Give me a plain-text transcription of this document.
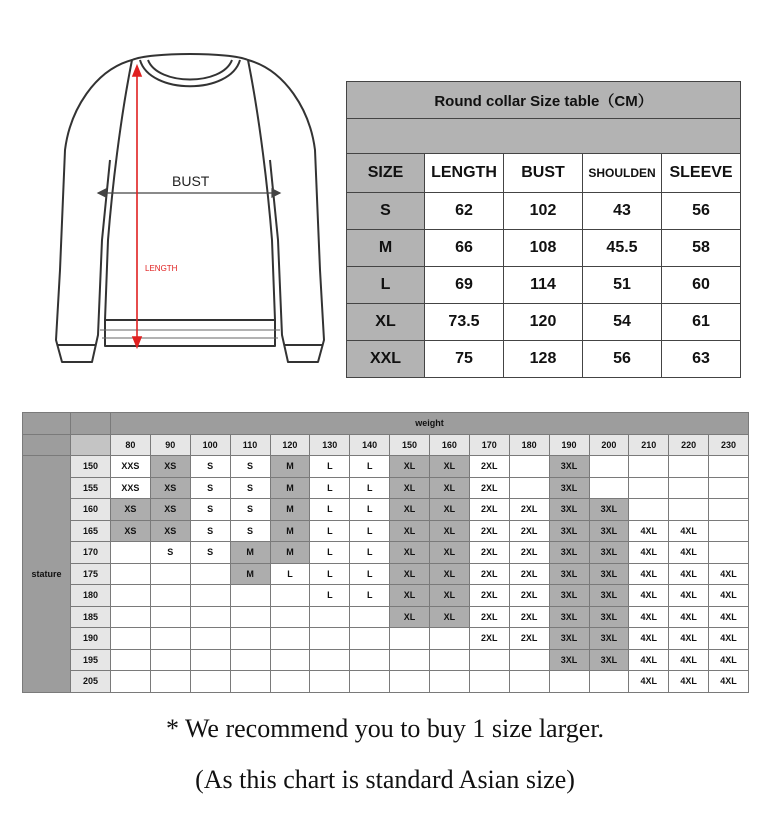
BUST
LENGTH
Round collar Size table（CM）				

SIZE	LENGTH	BUST	SHOULDEN	SLEEVE
S	62	102	43	56
M	66	108	45.5	58
L	69	114	51	60
XL	73.5	120	54	61
XXL	75	128	56	63
		weight															
		80	90	100	110	120	130	140	150	160	170	180	190	200	210	220	230
stature	150	XXS	XS	S	S	M	L	L	XL	XL	2XL		3XL				
	155	XXS	XS	S	S	M	L	L	XL	XL	2XL		3XL				
	160	XS	XS	S	S	M	L	L	XL	XL	2XL	2XL	3XL	3XL			
	165	XS	XS	S	S	M	L	L	XL	XL	2XL	2XL	3XL	3XL	4XL	4XL	
	170		S	S	M	M	L	L	XL	XL	2XL	2XL	3XL	3XL	4XL	4XL	
	175				M	L	L	L	XL	XL	2XL	2XL	3XL	3XL	4XL	4XL	4XL
	180						L	L	XL	XL	2XL	2XL	3XL	3XL	4XL	4XL	4XL
	185								XL	XL	2XL	2XL	3XL	3XL	4XL	4XL	4XL
	190										2XL	2XL	3XL	3XL	4XL	4XL	4XL
	195												3XL	3XL	4XL	4XL	4XL
	205														4XL	4XL	4XL
* We recommend you to buy 1 size larger.
(As this chart is standard Asian size)
